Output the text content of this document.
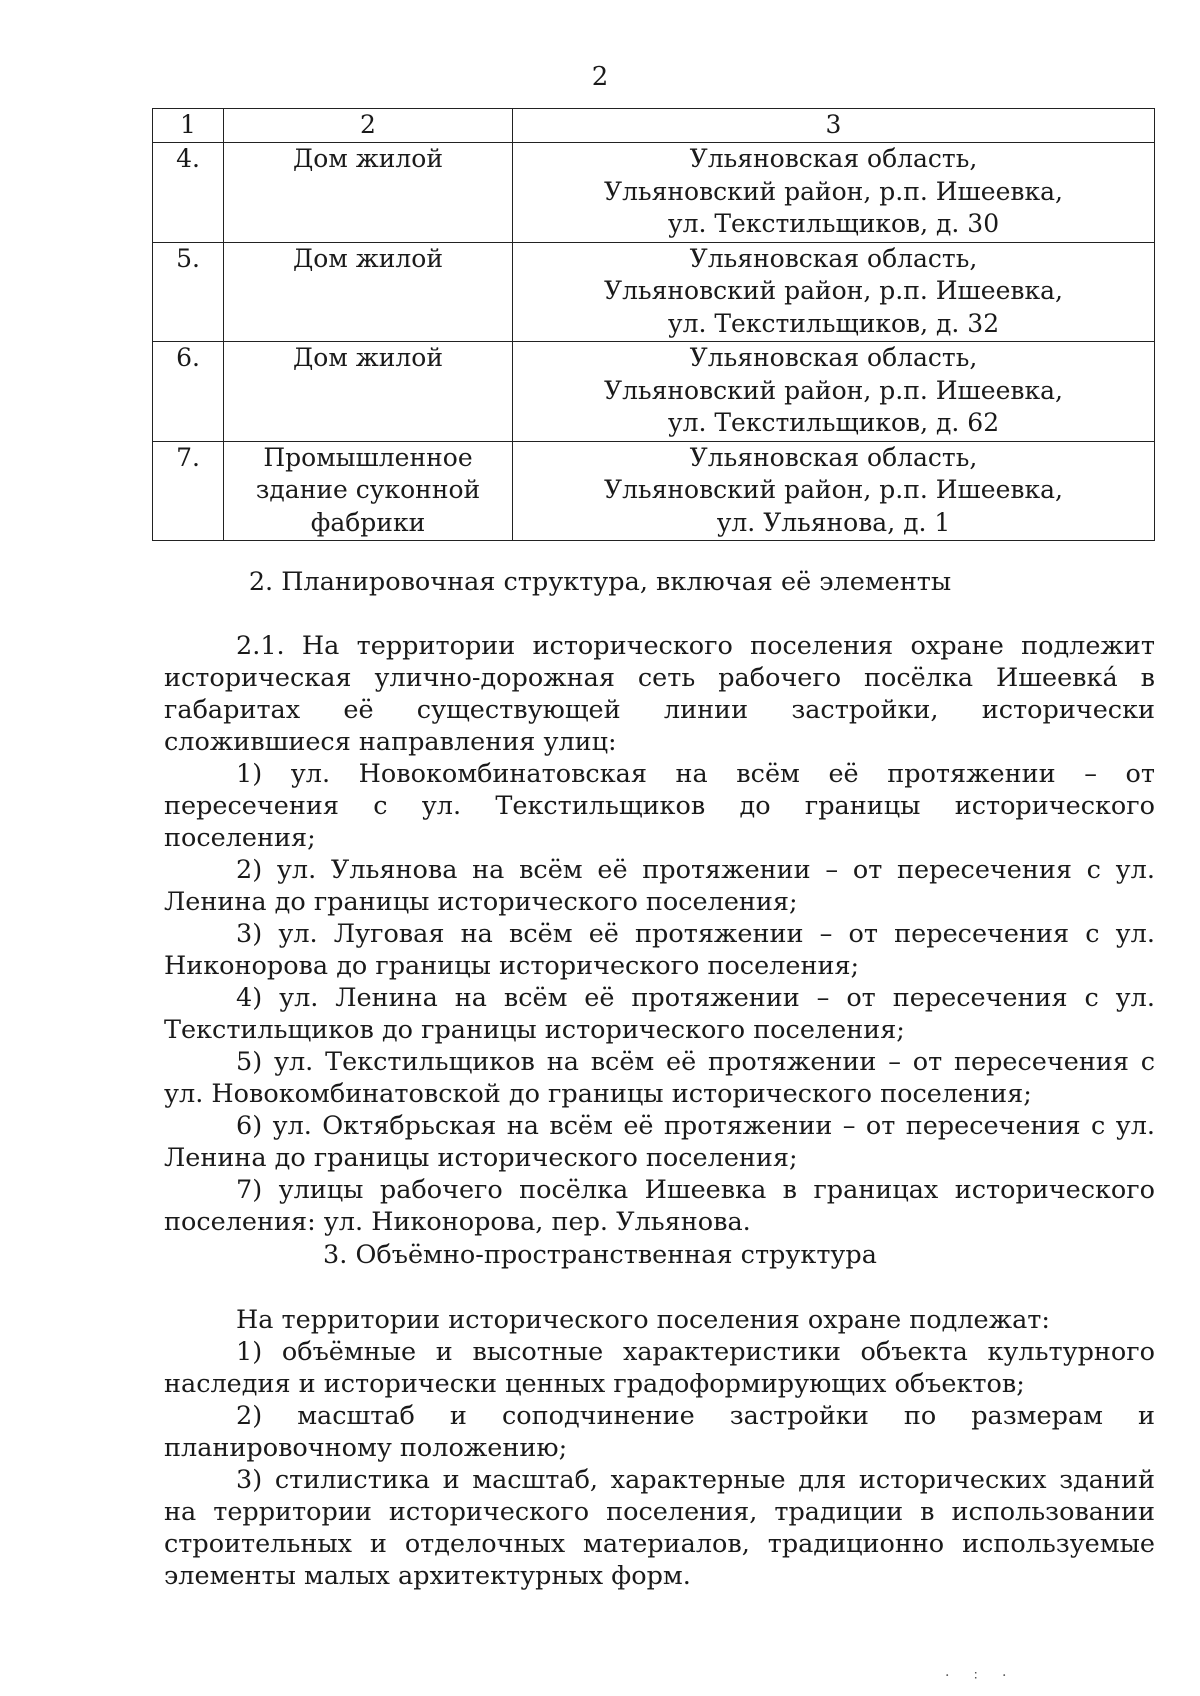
2
1	2	3
4.	Дом жилой	Ульяновская область,
Ульяновский район, р.п. Ишеевка,
ул. Текстильщиков, д. 30

5.	Дом жилой	Ульяновская область,
Ульяновский район, р.п. Ишеевка,
ул. Текстильщиков, д. 32

6.	Дом жилой	Ульяновская область,
Ульяновский район, р.п. Ишеевка,
ул. Текстильщиков, д. 62

7.	Промышленное
здание суконной
фабрики	Ульяновская область,
Ульяновский район, р.п. Ишеевка,
ул. Ульянова, д. 1
2. Планировочная структура, включая её элементы

2.1. На территории исторического поселения охране подлежит историческая улично-дорожная сеть рабочего посёлка Ишеевка́ в габаритах её существующей линии застройки, исторически сложившиеся направления улиц:

1) ул. Новокомбинатовская на всём её протяжении – от пересечения с ул. Текстильщиков до границы исторического поселения;

2) ул. Ульянова на всём её протяжении – от пересечения с ул. Ленина до границы исторического поселения;

3) ул. Луговая на всём её протяжении – от пересечения с ул. Никонорова до границы исторического поселения;

4) ул. Ленина на всём её протяжении – от пересечения с ул. Текстильщиков до границы исторического поселения;

5) ул. Текстильщиков на всём её протяжении – от пересечения с ул. Новокомбинатовской до границы исторического поселения;

6) ул. Октябрьская на всём её протяжении – от пересечения с ул. Ленина до границы исторического поселения;

7) улицы рабочего посёлка Ишеевка в границах исторического поселения: ул. Никонорова, пер. Ульянова.

3. Объёмно-пространственная структура

На территории исторического поселения охране подлежат:

1) объёмные и высотные характеристики объекта культурного наследия и исторически ценных градоформирующих объектов;

2) масштаб и соподчинение застройки по размерам и планировочному положению;

3) стилистика и масштаб, характерные для исторических зданий на территории исторического поселения, традиции в использовании строительных и отделочных материалов, традиционно используемые элементы малых архитектурных форм.

· ∶ ·
